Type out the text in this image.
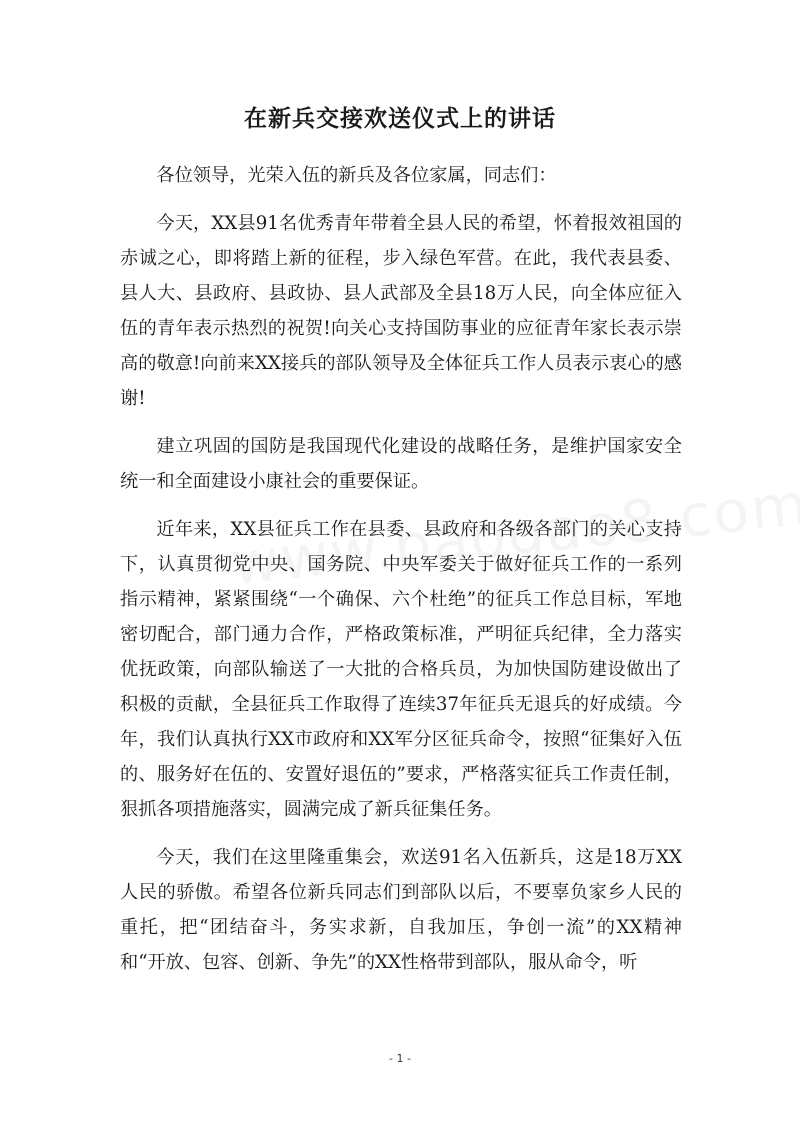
在新兵交接欢送仪式上的讲话

各位领导，光荣入伍的新兵及各位家属，同志们：

今天，XX县91名优秀青年带着全县人民的希望，怀着报效祖国的赤诚之心，即将踏上新的征程，步入绿色军营。在此，我代表县委、县人大、县政府、县政协、县人武部及全县18万人民，向全体应征入伍的青年表示热烈的祝贺!向关心支持国防事业的应征青年家长表示崇高的敬意!向前来XX接兵的部队领导及全体征兵工作人员表示衷心的感谢!

建立巩固的国防是我国现代化建设的战略任务，是维护国家安全统一和全面建设小康社会的重要保证。

近年来，XX县征兵工作在县委、县政府和各级各部门的关心支持下，认真贯彻党中央、国务院、中央军委关于做好征兵工作的一系列指示精神，紧紧围绕“一个确保、六个杜绝”的征兵工作总目标，军地密切配合，部门通力合作，严格政策标准，严明征兵纪律，全力落实优抚政策，向部队输送了一大批的合格兵员，为加快国防建设做出了积极的贡献，全县征兵工作取得了连续37年征兵无退兵的好成绩。今年，我们认真执行XX市政府和XX军分区征兵命令，按照“征集好入伍的、服务好在伍的、安置好退伍的”要求，严格落实征兵工作责任制，狠抓各项措施落实，圆满完成了新兵征集任务。

今天，我们在这里隆重集会，欢送91名入伍新兵，这是18万XX人民的骄傲。希望各位新兵同志们到部队以后，不要辜负家乡人民的重托，把“团结奋斗，务实求新，自我加压，争创一流”的XX精神和“开放、包容、创新、争先”的XX性格带到部队，服从命令，听

- 1 -
